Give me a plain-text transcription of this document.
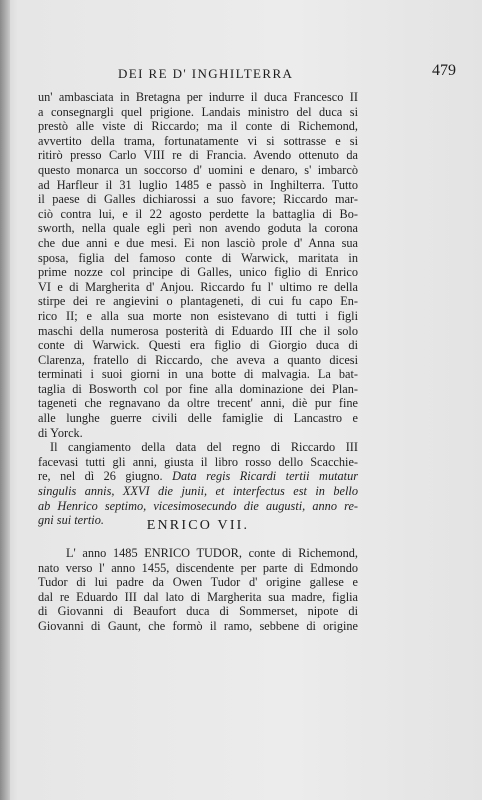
DEI RE D' INGHILTERRA	479
un' ambasciata in Bretagna per indurre il duca Francesco II
a consegnargli quel prigione. Landais ministro del duca si
prestò alle viste di Riccardo; ma il conte di Richemond,
avvertito della trama, fortunatamente vi si sottrasse e si
ritirò presso Carlo VIII re di Francia. Avendo ottenuto da
questo monarca un soccorso d' uomini e denaro, s' imbarcò
ad Harfleur il 31 luglio 1485 e passò in Inghilterra. Tutto
il paese di Galles dichiarossi a suo favore; Riccardo mar-
ciò contra lui, e il 22 agosto perdette la battaglia di Bo-
sworth, nella quale egli perì non avendo goduta la corona
che due anni e due mesi. Ei non lasciò prole d' Anna sua
sposa, figlia del famoso conte di Warwick, maritata in
prime nozze col principe di Galles, unico figlio di Enrico
VI e di Margherita d' Anjou. Riccardo fu l' ultimo re della
stirpe dei re angievini o plantageneti, di cui fu capo En-
rico II; e alla sua morte non esistevano di tutti i figli
maschi della numerosa posterità di Eduardo III che il solo
conte di Warwick. Questi era figlio di Giorgio duca di
Clarenza, fratello di Riccardo, che aveva a quanto dicesi
terminati i suoi giorni in una botte di malvagia. La bat-
taglia di Bosworth col por fine alla dominazione dei Plan-
tageneti che regnavano da oltre trecent' anni, diè pur fine
alle lunghe guerre civili delle famiglie di Lancastro e
di Yorck.
Il cangiamento della data del regno di Riccardo III
facevasi tutti gli anni, giusta il libro rosso dello Scacchie-
re, nel dì 26 giugno. Data regis Ricardi tertii mutatur
singulis annis, XXVI die junii, et interfectus est in bello
ab Henrico septimo, vicesimosecundo die augusti, anno re-
gni sui tertio.	ENRICO VII.
L' anno 1485 ENRICO TUDOR, conte di Richemond,
nato verso l' anno 1455, discendente per parte di Edmondo
Tudor di lui padre da Owen Tudor d' origine gallese e
dal re Eduardo III dal lato di Margherita sua madre, figlia
di Giovanni di Beaufort duca di Sommerset, nipote di
Giovanni di Gaunt, che formò il ramo, sebbene di origine
